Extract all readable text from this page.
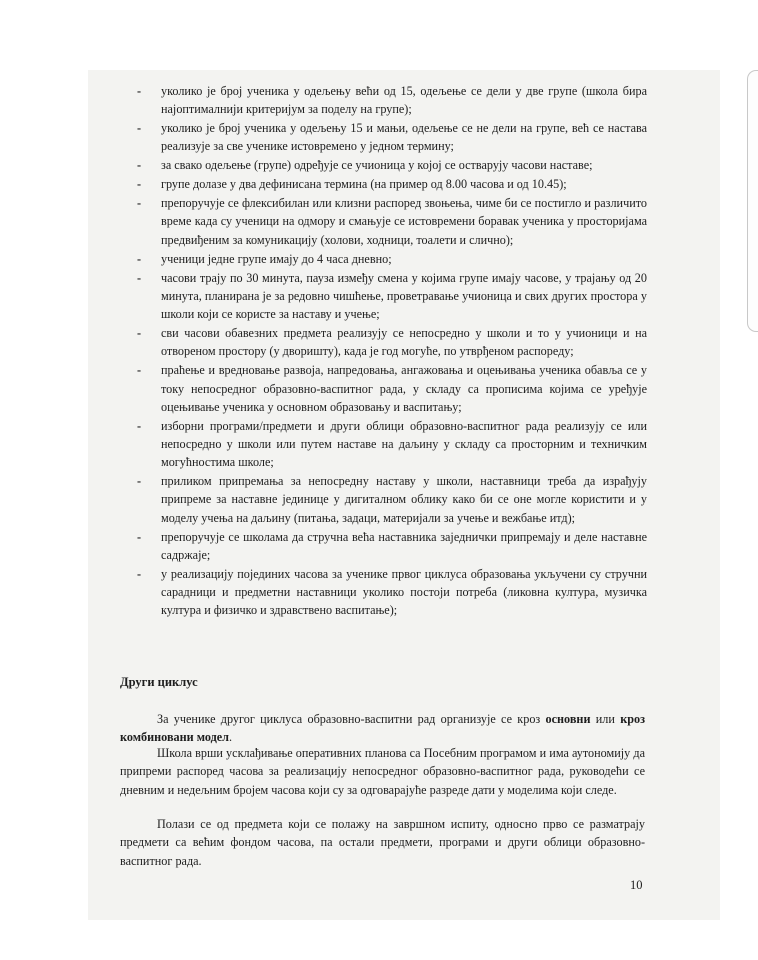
- уколико је број ученика у одељењу већи од 15, одељење се дели у две групе (школа бира најоптималнији критеријум за поделу на групе);
- уколико је број ученика у одељењу 15 и мањи, одељење се не дели на групе, већ се настава реализује за све ученике истовремено у једном термину;
- за свако одељење (групе) одређује се учионица у којој се остварују часови наставе;
- групе долазе у два дефинисана термина (на пример од 8.00 часова и од 10.45);
- препоручује се флексибилан или клизни распоред звоњења, чиме би се постигло и различито време када су ученици на одмору и смањује се истовремени боравак ученика у просторијама предвиђеним за комуникацију (холови, ходници, тоалети и слично);
- ученици једне групе имају до 4 часа дневно;
- часови трају по 30 минута, пауза између смена у којима групе имају часове, у трајању од 20 минута, планирана је за редовно чишћење, проветравање учионица и свих других простора у школи који се користе за наставу и учење;
- сви часови обавезних предмета реализују се непосредно у школи и то у учионици и на отвореном простору (у дворишту), када је год могуће, по утврђеном распореду;
- праћење и вредновање развоја, напредовања, ангажовања и оцењивања ученика обавља се у току непосредног образовно-васпитног рада, у складу са прописима којима се уређује оцењивање ученика у основном образовању и васпитању;
- изборни програми/предмети и други облици образовно-васпитног рада реализују се или непосредно у школи или путем наставе на даљину у складу са просторним и техничким могућностима школе;
- приликом припремања за непосредну наставу у школи, наставници треба да израђују припреме за наставне јединице у дигиталном облику како би се оне могле користити и у моделу учења на даљину (питања, задаци, материјали за учење и вежбање итд);
- препоручује се школама да стручна већа наставника заједнички припремају и деле наставне садржаје;
- у реализацију појединих часова за ученике првог циклуса образовања укључени су стручни сарадници и предметни наставници уколико постоји потреба (ликовна култура, музичка култура и физичко и здравствено васпитање);
Други циклус

За ученике другог циклуса образовно-васпитни рад организује се кроз основни или кроз комбиновани модел.

Школа врши усклађивање оперативних планова са Посебним програмом и има аутономију да припреми распоред часова за реализацију непосредног образовно-васпитног рада, руководећи се дневним и недељним бројем часова који су за одговарајуће разреде дати у моделима који следе.

Полази се од предмета који се полажу на завршном испиту, односно прво се разматрају предмети са већим фондом часова, па остали предмети, програми и други облици образовно-васпитног рада.

10
